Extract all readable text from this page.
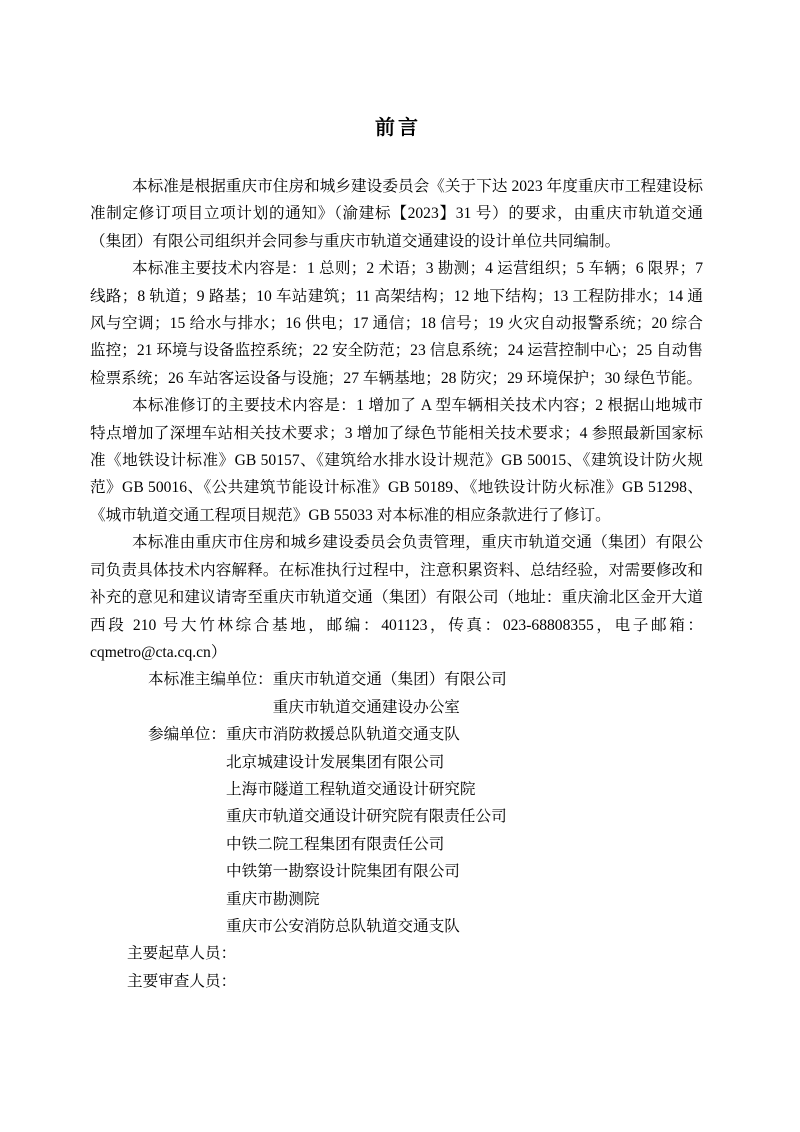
前言

本标准是根据重庆市住房和城乡建设委员会《关于下达 2023 年度重庆市工程建设标准制定修订项目立项计划的通知》（渝建标【2023】31 号）的要求，由重庆市轨道交通（集团）有限公司组织并会同参与重庆市轨道交通建设的设计单位共同编制。

本标准主要技术内容是：1 总则；2 术语；3 勘测；4 运营组织；5 车辆；6 限界；7 线路；8 轨道；9 路基；10 车站建筑；11 高架结构；12 地下结构；13 工程防排水；14 通风与空调；15 给水与排水；16 供电；17 通信；18 信号；19 火灾自动报警系统；20 综合监控；21 环境与设备监控系统；22 安全防范；23 信息系统；24 运营控制中心；25 自动售检票系统；26 车站客运设备与设施；27 车辆基地；28 防灾；29 环境保护；30 绿色节能。

本标准修订的主要技术内容是：1 增加了 A 型车辆相关技术内容；2 根据山地城市特点增加了深埋车站相关技术要求；3 增加了绿色节能相关技术要求；4 参照最新国家标准《地铁设计标准》GB 50157、《建筑给水排水设计规范》GB 50015、《建筑设计防火规范》GB 50016、《公共建筑节能设计标准》GB 50189、《地铁设计防火标准》GB 51298、《城市轨道交通工程项目规范》GB 55033 对本标准的相应条款进行了修订。

本标准由重庆市住房和城乡建设委员会负责管理，重庆市轨道交通（集团）有限公司负责具体技术内容解释。在标准执行过程中，注意积累资料、总结经验，对需要修改和补充的意见和建议请寄至重庆市轨道交通（集团）有限公司（地址：重庆渝北区金开大道西段 210 号大竹林综合基地，邮编：401123，传真：023-68808355，电子邮箱：cqmetro@cta.cq.cn）

本标准主编单位： 重庆市轨道交通（集团）有限公司
重庆市轨道交通建设办公室
参编单位： 重庆市消防救援总队轨道交通支队
北京城建设计发展集团有限公司
上海市隧道工程轨道交通设计研究院
重庆市轨道交通设计研究院有限责任公司
中铁二院工程集团有限责任公司
中铁第一勘察设计院集团有限公司
重庆市勘测院
重庆市公安消防总队轨道交通支队
主要起草人员：
主要审查人员：
